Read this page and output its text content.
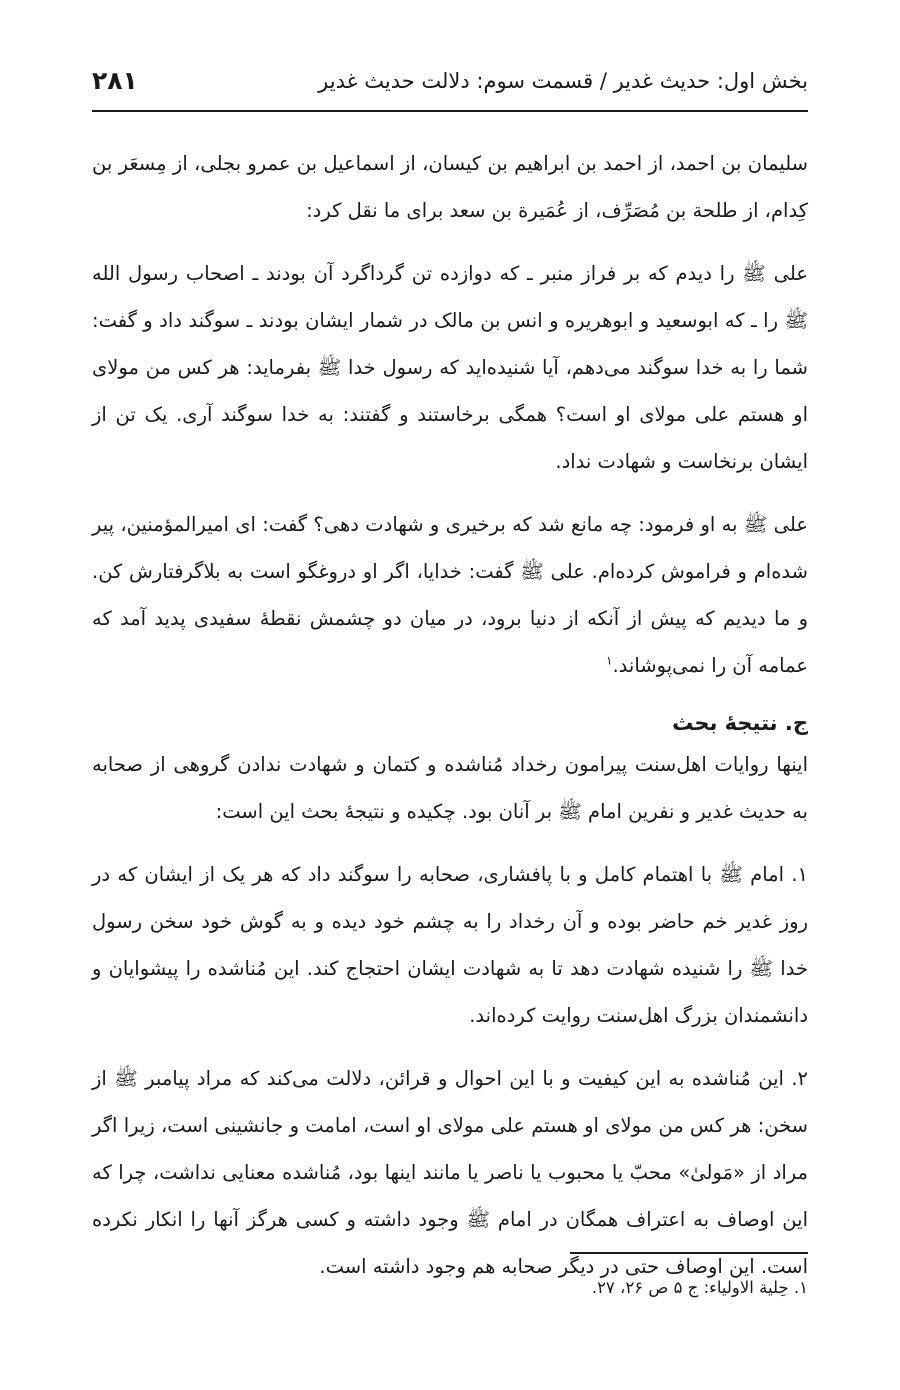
بخش اول: حدیث غدیر / قسمت سوم: دلالت حدیث غدیر
۲۸۱

سلیمان بن احمد، از احمد بن ابراهیم بن کیسان، از اسماعیل بن عمرو بجلی، از مِسعَر بن کِدام، از طلحة بن مُصَرِّف، از عُمَیرة بن سعد برای ما نقل کرد:

علی ﷺ را دیدم که بر فراز منبر ـ که دوازده تن گرداگرد آن بودند ـ اصحاب رسول الله ﷺ را ـ که ابوسعید و ابوهریره و انس بن مالک در شمار ایشان بودند ـ سوگند داد و گفت: شما را به خدا سوگند می‌دهم، آیا شنیده‌اید که رسول خدا ﷺ بفرماید: هر کس من مولای او هستم علی مولای او است؟ همگی برخاستند و گفتند: به خدا سوگند آری. یک تن از ایشان برنخاست و شهادت نداد.

علی ﷺ به او فرمود: چه مانع شد که برخیری و شهادت دهی؟ گفت: ای امیرالمؤمنین، پیر شده‌ام و فراموش کرده‌ام. علی ﷺ گفت: خدایا، اگر او دروغگو است به بلاگرفتارش کن. و ما دیدیم که پیش از آنکه از دنیا برود، در میان دو چشمش نقطهٔ سفیدی پدید آمد که عمامه آن را نمی‌پوشاند.$^۱$

ج. نتیجهٔ بحث

اینها روایات اهل‌سنت پیرامون رخداد مُناشده و کتمان و شهادت ندادن گروهی از صحابه به حدیث غدیر و نفرین امام ﷺ بر آنان بود. چکیده و نتیجهٔ بحث این است:

۱. امام ﷺ با اهتمام کامل و با پافشاری، صحابه را سوگند داد که هر یک از ایشان که در روز غدیر خم حاضر بوده و آن رخداد را به چشم خود دیده و به گوش خود سخن رسول خدا ﷺ را شنیده شهادت دهد تا به شهادت ایشان احتجاج کند. این مُناشده را پیشوایان و دانشمندان بزرگ اهل‌سنت روایت کرده‌اند.

۲. این مُناشده به این کیفیت و با این احوال و قرائن، دلالت می‌کند که مراد پیامبر ﷺ از سخن: هر کس من مولای او هستم علی مولای او است، امامت و جانشینی است، زیرا اگر مراد از «مَولیٰ» محبّ یا محبوب یا ناصر یا مانند اینها بود، مُناشده معنایی نداشت، چرا که این اوصاف به اعتراف همگان در امام ﷺ وجود داشته و کسی هرگز آنها را انکار نکرده است. این اوصاف حتی در دیگر صحابه هم وجود داشته است.

۱. حِلیة الاولیاء: ج ۵ ص ۲۶، ۲۷.
